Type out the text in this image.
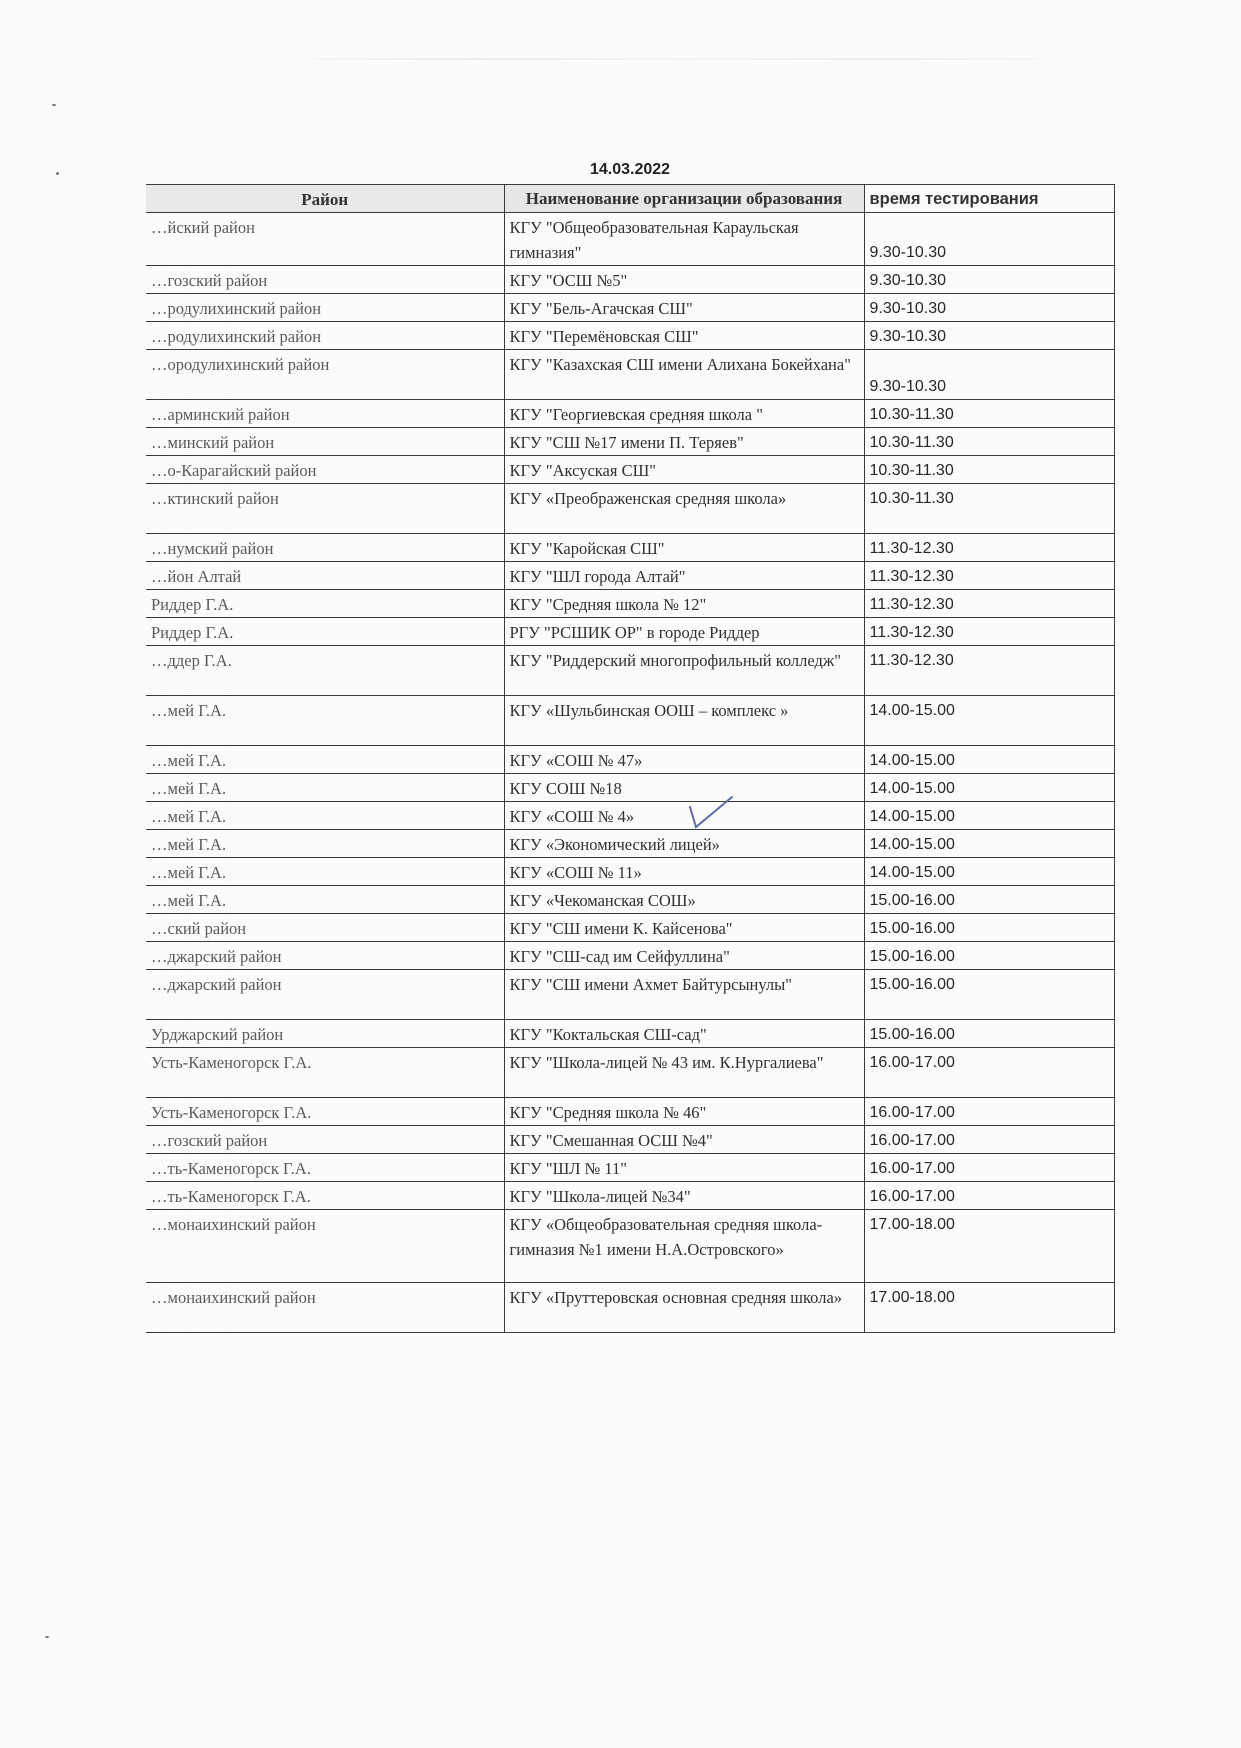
14.03.2022
Район	Наименование организации образования	время тестирования
…йский район	КГУ "Общеобразовательная Караульская гимназия"	9.30-10.30
…гозский район	КГУ "ОСШ №5"	9.30-10.30
…родулихинский район	КГУ "Бель-Агачская СШ"	9.30-10.30
…родулихинский район	КГУ "Перемёновская СШ"	9.30-10.30
…ородулихинский район	КГУ "Казахская СШ имени Алихана Бокейхана"	9.30-10.30
…арминский район	КГУ "Георгиевская средняя школа "	10.30-11.30
…минский район	КГУ "СШ №17 имени П. Теряев"	10.30-11.30
…о-Карагайский район	КГУ "Аксуская СШ"	10.30-11.30
…ктинский район	КГУ «Преображенская средняя школа»	10.30-11.30
…нумский район	КГУ "Каройская СШ"	11.30-12.30
…йон Алтай	КГУ "ШЛ города Алтай"	11.30-12.30
Риддер Г.А.	КГУ "Средняя школа № 12"	11.30-12.30
Риддер Г.А.	РГУ "РСШИК ОР" в городе Риддер	11.30-12.30
…ддер Г.А.	КГУ "Риддерский многопрофильный колледж"	11.30-12.30
…мей Г.А.	КГУ «Шульбинская ООШ – комплекс »	14.00-15.00
…мей Г.А.	КГУ «СОШ № 47»	14.00-15.00
…мей Г.А.	КГУ СОШ №18	14.00-15.00
…мей Г.А.	КГУ «СОШ № 4»	14.00-15.00
…мей Г.А.	КГУ «Экономический лицей»	14.00-15.00
…мей Г.А.	КГУ «СОШ № 11»	14.00-15.00
…мей Г.А.	КГУ «Чекоманская СОШ»	15.00-16.00
…ский район	КГУ "СШ имени К. Кайсенова"	15.00-16.00
…джарский район	КГУ "СШ-сад им Сейфуллина"	15.00-16.00
…джарский район	КГУ "СШ имени Ахмет Байтурсынулы"	15.00-16.00
Урджарский район	КГУ "Коктальская СШ-сад"	15.00-16.00
Усть-Каменогорск Г.А.	КГУ "Школа-лицей № 43 им. К.Нургалиева"	16.00-17.00
Усть-Каменогорск Г.А.	КГУ "Средняя школа № 46"	16.00-17.00
…гозский район	КГУ "Смешанная ОСШ №4"	16.00-17.00
…ть-Каменогорск Г.А.	КГУ "ШЛ № 11"	16.00-17.00
…ть-Каменогорск Г.А.	КГУ "Школа-лицей №34"	16.00-17.00
…монаихинский район	КГУ «Общеобразовательная средняя школа-гимназия №1 имени Н.А.Островского»	17.00-18.00
…монаихинский район	КГУ «Пруттеровская основная средняя школа»	17.00-18.00
